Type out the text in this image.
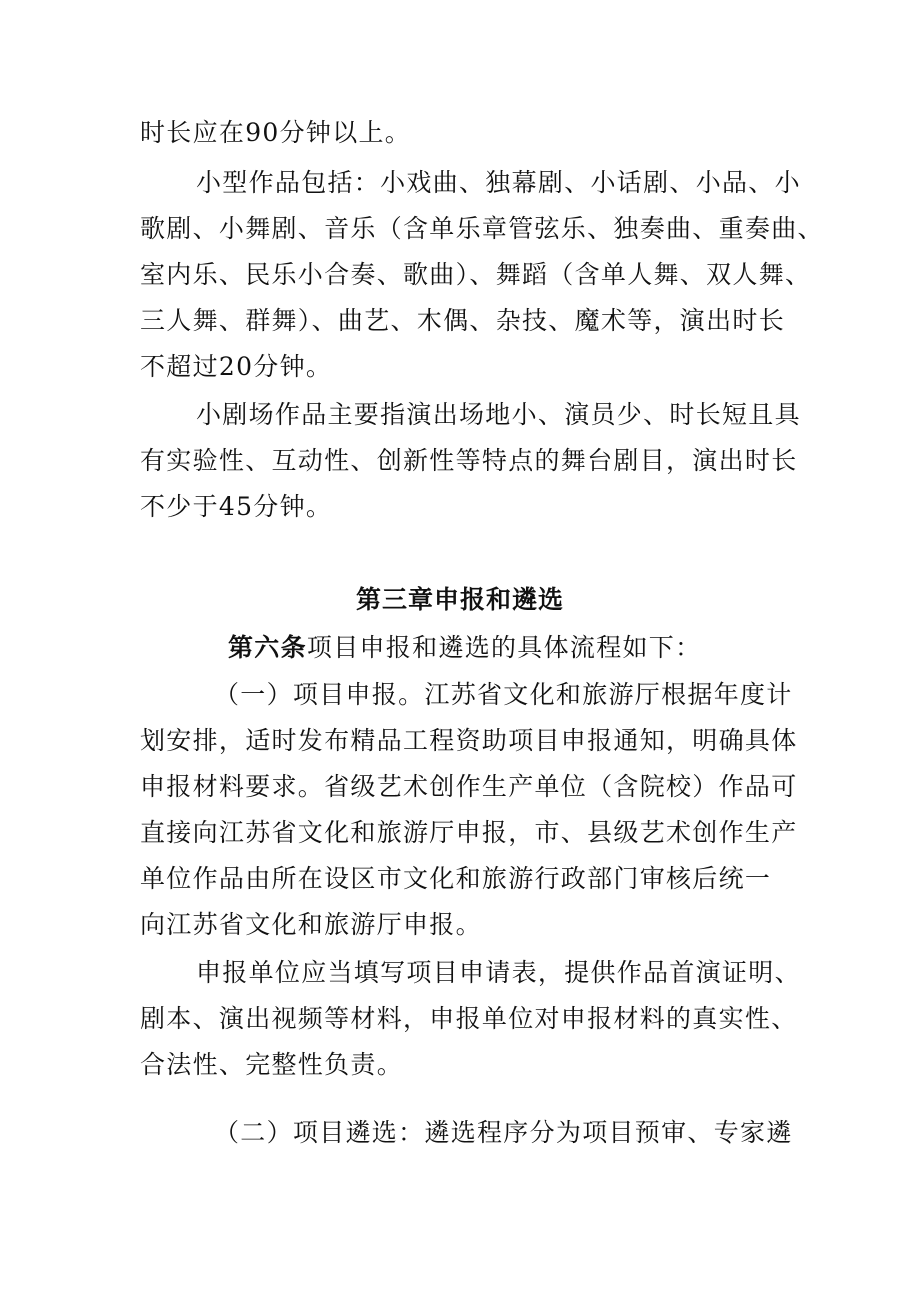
时长应在90分钟以上。
小型作品包括：小戏曲、独幕剧、小话剧、小品、小
歌剧、小舞剧、音乐（含单乐章管弦乐、独奏曲、重奏曲、
室内乐、民乐小合奏、歌曲）、舞蹈（含单人舞、双人舞、
三人舞、群舞）、曲艺、木偶、杂技、魔术等，演出时长
不超过20分钟。
小剧场作品主要指演出场地小、演员少、时长短且具
有实验性、互动性、创新性等特点的舞台剧目，演出时长
不少于45分钟。
第三章申报和遴选
第六条项目申报和遴选的具体流程如下：
（一）项目申报。江苏省文化和旅游厅根据年度计
划安排，适时发布精品工程资助项目申报通知，明确具体
申报材料要求。省级艺术创作生产单位（含院校）作品可
直接向江苏省文化和旅游厅申报，市、县级艺术创作生产
单位作品由所在设区市文化和旅游行政部门审核后统一
向江苏省文化和旅游厅申报。
申报单位应当填写项目申请表，提供作品首演证明、
剧本、演出视频等材料，申报单位对申报材料的真实性、
合法性、完整性负责。
（二）项目遴选：遴选程序分为项目预审、专家遴
